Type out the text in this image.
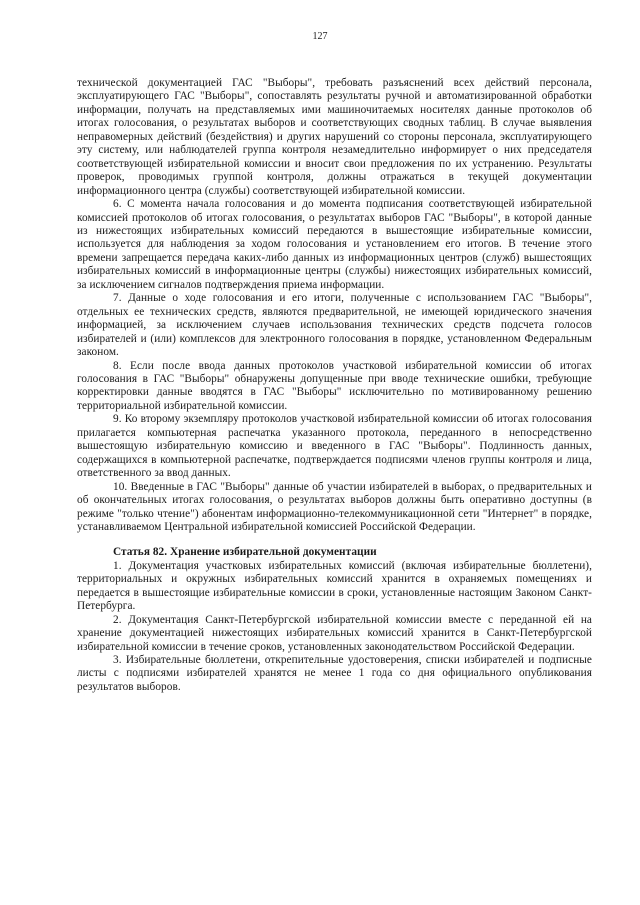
127

технической документацией ГАС "Выборы", требовать разъяснений всех действий персонала, эксплуатирующего ГАС "Выборы", сопоставлять результаты ручной и автоматизированной обработки информации, получать на представляемых ими машиночитаемых носителях данные протоколов об итогах голосования, о результатах выборов и соответствующих сводных таблиц. В случае выявления неправомерных действий (бездействия) и других нарушений со стороны персонала, эксплуатирующего эту систему, или наблюдателей группа контроля незамедлительно информирует о них председателя соответствующей избирательной комиссии и вносит свои предложения по их устранению. Результаты проверок, проводимых группой контроля, должны отражаться в текущей документации информационного центра (службы) соответствующей избирательной комиссии.

6. С момента начала голосования и до момента подписания соответствующей избирательной комиссией протоколов об итогах голосования, о результатах выборов ГАС "Выборы", в которой данные из нижестоящих избирательных комиссий передаются в вышестоящие избирательные комиссии, используется для наблюдения за ходом голосования и установлением его итогов. В течение этого времени запрещается передача каких-либо данных из информационных центров (служб) вышестоящих избирательных комиссий в информационные центры (службы) нижестоящих избирательных комиссий, за исключением сигналов подтверждения приема информации.

7. Данные о ходе голосования и его итоги, полученные с использованием ГАС "Выборы", отдельных ее технических средств, являются предварительной, не имеющей юридического значения информацией, за исключением случаев использования технических средств подсчета голосов избирателей и (или) комплексов для электронного голосования в порядке, установленном Федеральным законом.

8. Если после ввода данных протоколов участковой избирательной комиссии об итогах голосования в ГАС "Выборы" обнаружены допущенные при вводе технические ошибки, требующие корректировки данные вводятся в ГАС "Выборы" исключительно по мотивированному решению территориальной избирательной комиссии.

9. Ко второму экземпляру протоколов участковой избирательной комиссии об итогах голосования прилагается компьютерная распечатка указанного протокола, переданного в непосредственно вышестоящую избирательную комиссию и введенного в ГАС "Выборы". Подлинность данных, содержащихся в компьютерной распечатке, подтверждается подписями членов группы контроля и лица, ответственного за ввод данных.

10. Введенные в ГАС "Выборы" данные об участии избирателей в выборах, о предварительных и об окончательных итогах голосования, о результатах выборов должны быть оперативно доступны (в режиме "только чтение") абонентам информационно-телекоммуникационной сети "Интернет" в порядке, устанавливаемом Центральной избирательной комиссией Российской Федерации.

Статья 82. Хранение избирательной документации

1. Документация участковых избирательных комиссий (включая избирательные бюллетени), территориальных и окружных избирательных комиссий хранится в охраняемых помещениях и передается в вышестоящие избирательные комиссии в сроки, установленные настоящим Законом Санкт-Петербурга.

2. Документация Санкт-Петербургской избирательной комиссии вместе с переданной ей на хранение документацией нижестоящих избирательных комиссий хранится в Санкт-Петербургской избирательной комиссии в течение сроков, установленных законодательством Российской Федерации.

3. Избирательные бюллетени, открепительные удостоверения, списки избирателей и подписные листы с подписями избирателей хранятся не менее 1 года со дня официального опубликования результатов выборов.
